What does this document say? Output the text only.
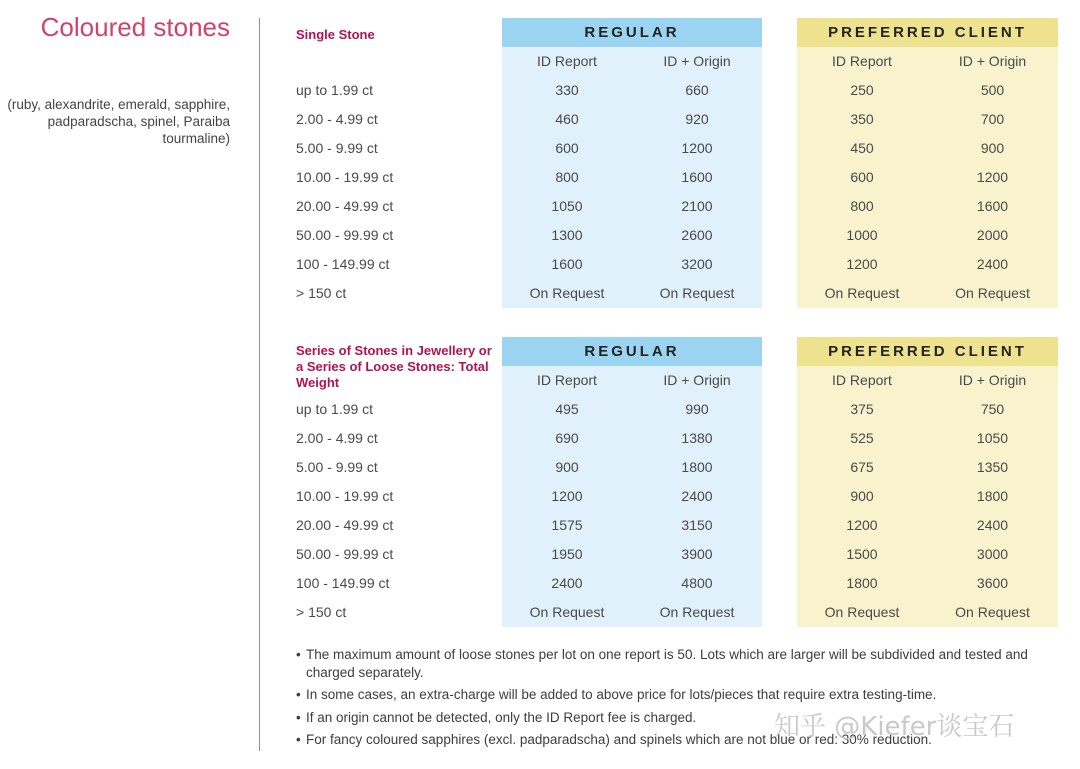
Coloured stones
(ruby, alexandrite, emerald, sapphire, padparadscha, spinel, Paraiba tourmaline)
REGULAR	PREFERRED CLIENT
Single Stone
ID Report	ID + Origin	ID Report	ID + Origin
up to 1.99 ct	330	660	250	500
2.00 - 4.99 ct	460	920	350	700
5.00 - 9.99 ct	600	1200	450	900
10.00 - 19.99 ct	800	1600	600	1200
20.00 - 49.99 ct	1050	2100	800	1600
50.00 - 99.99 ct	1300	2600	1000	2000
100 - 149.99 ct	1600	3200	1200	2400
> 150 ct	On Request	On Request	On Request	On Request
REGULAR	PREFERRED CLIENT
Series of Stones in Jewellery or a Series of Loose Stones: Total Weight	ID Report	ID + Origin	ID Report	ID + Origin
up to 1.99 ct	495	990	375	750
2.00 - 4.99 ct	690	1380	525	1050
5.00 - 9.99 ct	900	1800	675	1350
10.00 - 19.99 ct	1200	2400	900	1800
20.00 - 49.99 ct	1575	3150	1200	2400
50.00 - 99.99 ct	1950	3900	1500	3000
100 - 149.99 ct	2400	4800	1800	3600
> 150 ct	On Request	On Request	On Request	On Request
• The maximum amount of loose stones per lot on one report is 50. Lots which are larger will be subdivided and tested and charged separately.
• In some cases, an extra-charge will be added to above price for lots/pieces that require extra testing-time.
• If an origin cannot be detected, only the ID Report fee is charged.
• For fancy coloured sapphires (excl. padparadscha) and spinels which are not blue or red: 30% reduction.
知乎 @Kiefer谈宝石
